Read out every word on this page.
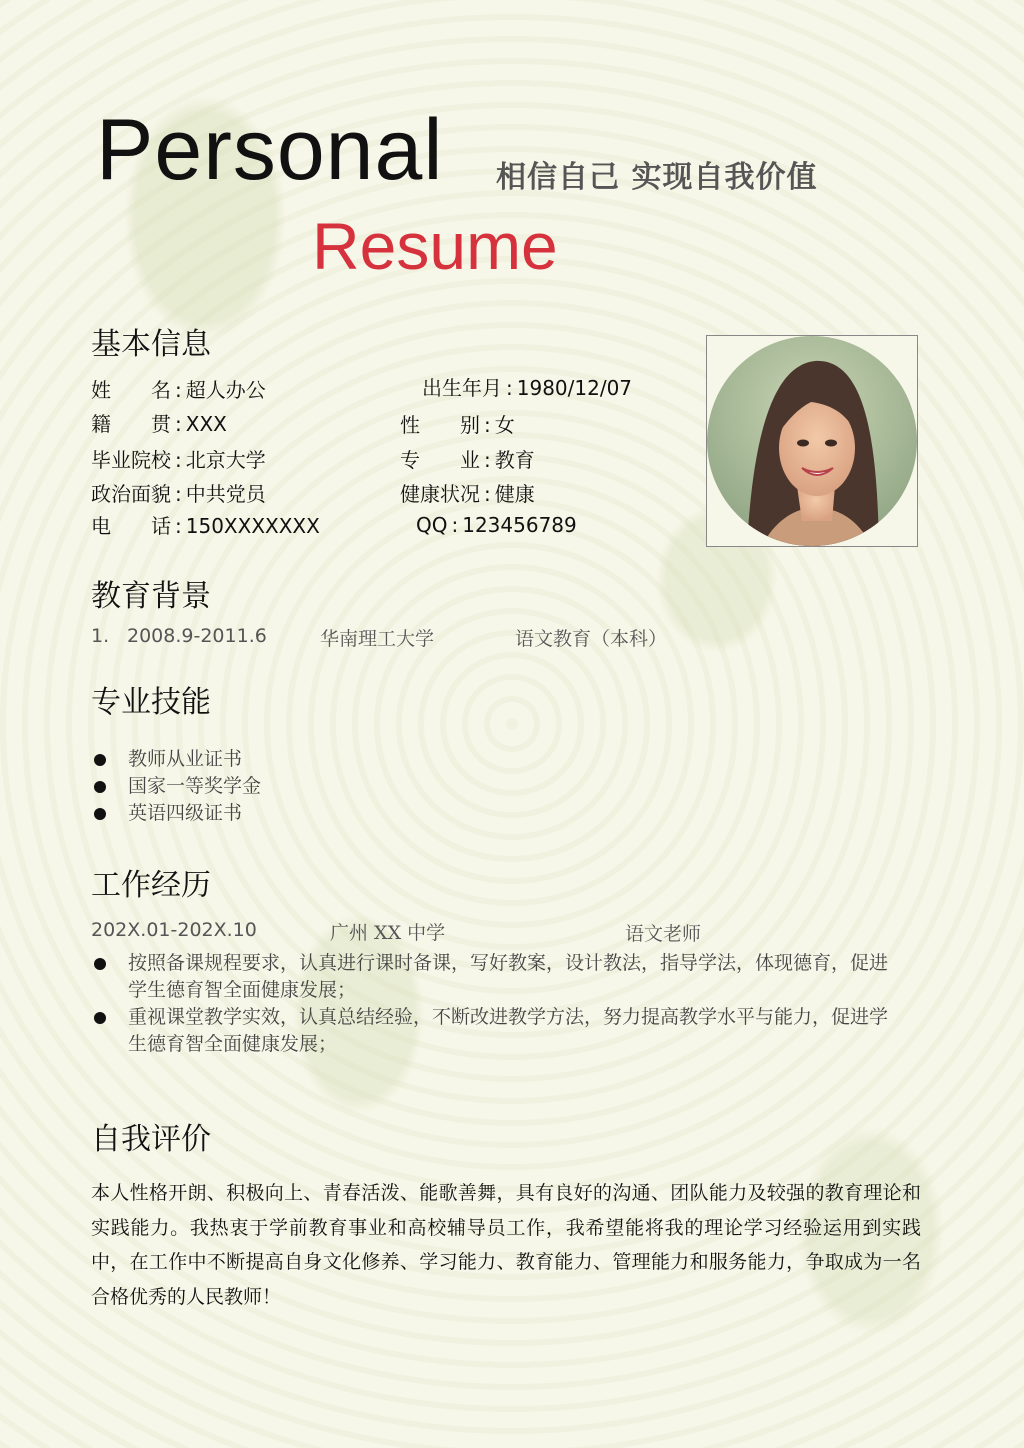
Personal 相信自己 实现自我价值
Resume
基本信息
姓　　名 : 超人办公	出生年月 : 1980/12/07
籍　　贯 : XXX	性　　别 : 女
毕业院校 : 北京大学	专　　业 : 教育
政治面貌 : 中共党员	健康状况 : 健康
电　　话 : 150XXXXXXX	QQ : 123456789
教育背景
1. 2008.9-2011.6	华南理工大学	语文教育（本科）
专业技能
教师从业证书
国家一等奖学金
英语四级证书
工作经历
202X.01-202X.10	广州 XX 中学	语文老师
按照备课规程要求，认真进行课时备课，写好教案，设计教法，指导学法，体现德育，促进学生德育智全面健康发展；
重视课堂教学实效，认真总结经验，不断改进教学方法，努力提高教学水平与能力，促进学生德育智全面健康发展；
自我评价
本人性格开朗、积极向上、青春活泼、能歌善舞，具有良好的沟通、团队能力及较强的教育理论和实践能力。我热衷于学前教育事业和高校辅导员工作，我希望能将我的理论学习经验运用到实践中，在工作中不断提高自身文化修养、学习能力、教育能力、管理能力和服务能力，争取成为一名合格优秀的人民教师！
